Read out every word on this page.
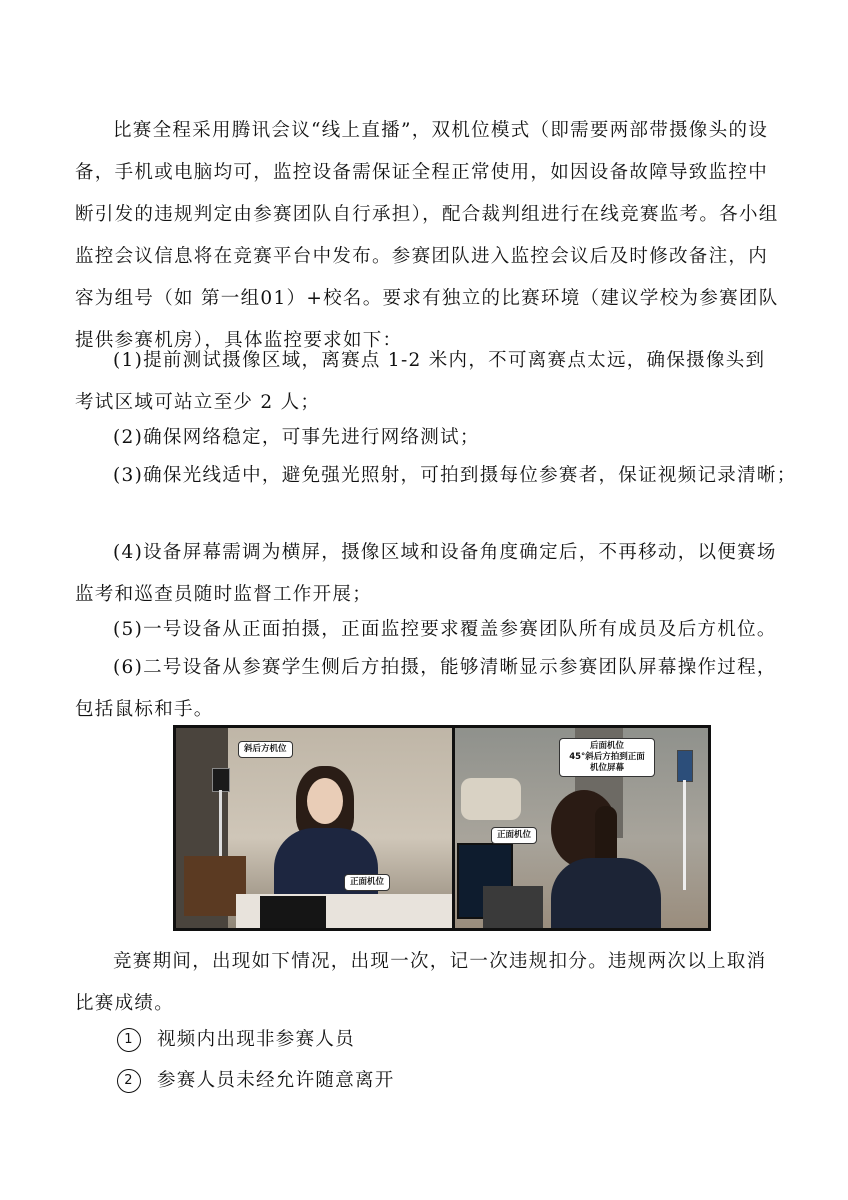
比赛全程采用腾讯会议“线上直播”，双机位模式（即需要两部带摄像头的设备，手机或电脑均可，监控设备需保证全程正常使用，如因设备故障导致监控中断引发的违规判定由参赛团队自行承担），配合裁判组进行在线竞赛监考。各小组监控会议信息将在竞赛平台中发布。参赛团队进入监控会议后及时修改备注，内容为组号（如 第一组01）+校名。要求有独立的比赛环境（建议学校为参赛团队提供参赛机房），具体监控要求如下：

(1)提前测试摄像区域，离赛点 1-2 米内，不可离赛点太远，确保摄像头到考试区域可站立至少 2 人；

(2)确保网络稳定，可事先进行网络测试；

(3)确保光线适中，避免强光照射，可拍到摄每位参赛者，保证视频记录清晰；

(4)设备屏幕需调为横屏，摄像区域和设备角度确定后，不再移动，以便赛场监考和巡查员随时监督工作开展；

(5)一号设备从正面拍摄，正面监控要求覆盖参赛团队所有成员及后方机位。

(6)二号设备从参赛学生侧后方拍摄，能够清晰显示参赛团队屏幕操作过程，包括鼠标和手。

斜后方机位
正面机位
后面机位
45°斜后方拍到正面机位屏幕
正面机位

竞赛期间，出现如下情况，出现一次，记一次违规扣分。违规两次以上取消比赛成绩。

1 视频内出现非参赛人员
2 参赛人员未经允许随意离开
